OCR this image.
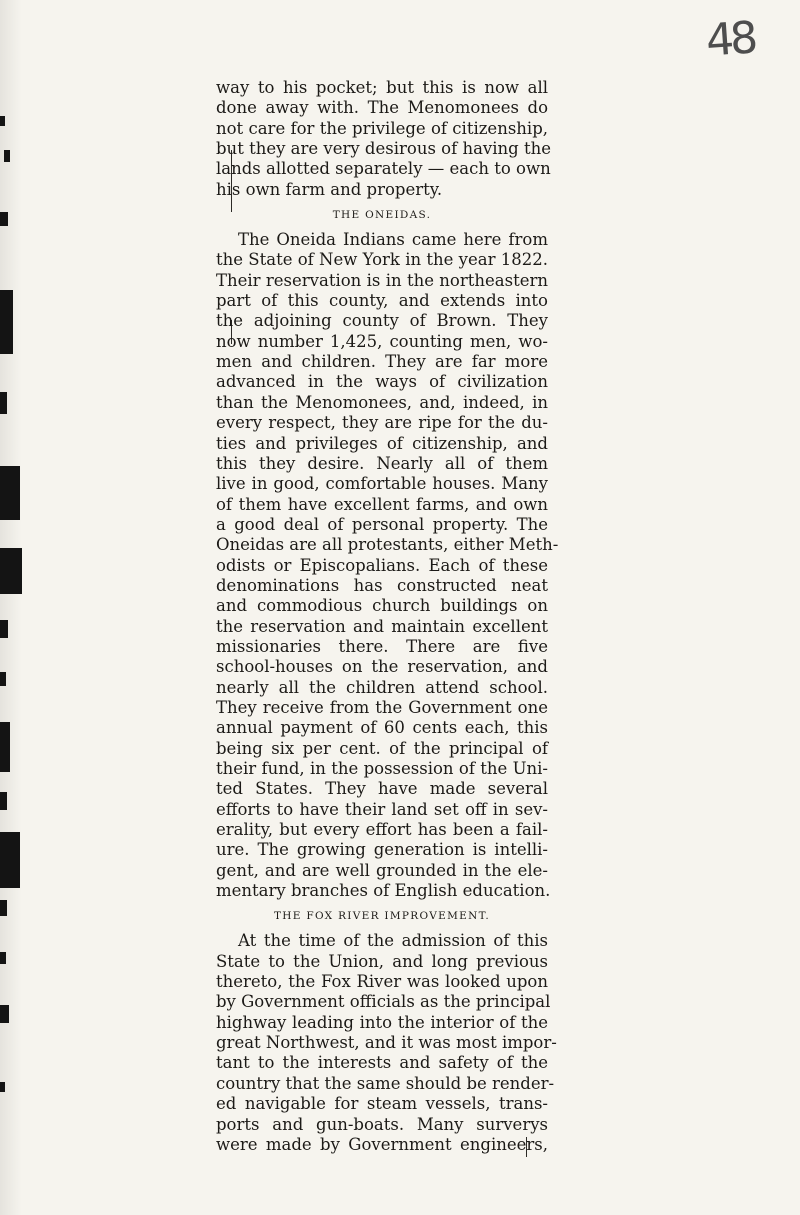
48
way to his pocket; but this is now all
done away with. The Menomonees do
not care for the privilege of citizenship,
but they are very desirous of having the
lands allotted separately — each to own
his own farm and property.
THE ONEIDAS.
The Oneida Indians came here from
the State of New York in the year 1822.
Their reservation is in the northeastern
part of this county, and extends into
the adjoining county of Brown. They
now number 1,425, counting men, wo-
men and children. They are far more
advanced in the ways of civilization
than the Menomonees, and, indeed, in
every respect, they are ripe for the du-
ties and privileges of citizenship, and
this they desire. Nearly all of them
live in good, comfortable houses. Many
of them have excellent farms, and own
a good deal of personal property. The
Oneidas are all protestants, either Meth-
odists or Episcopalians. Each of these
denominations has constructed neat
and commodious church buildings on
the reservation and maintain excellent
missionaries there. There are five
school-houses on the reservation, and
nearly all the children attend school.
They receive from the Government one
annual payment of 60 cents each, this
being six per cent. of the principal of
their fund, in the possession of the Uni-
ted States. They have made several
efforts to have their land set off in sev-
erality, but every effort has been a fail-
ure. The growing generation is intelli-
gent, and are well grounded in the ele-
mentary branches of English education.
THE FOX RIVER IMPROVEMENT.
At the time of the admission of this
State to the Union, and long previous
thereto, the Fox River was looked upon
by Government officials as the principal
highway leading into the interior of the
great Northwest, and it was most impor-
tant to the interests and safety of the
country that the same should be render-
ed navigable for steam vessels, trans-
ports and gun-boats. Many surverys
were made by Government engineers,
